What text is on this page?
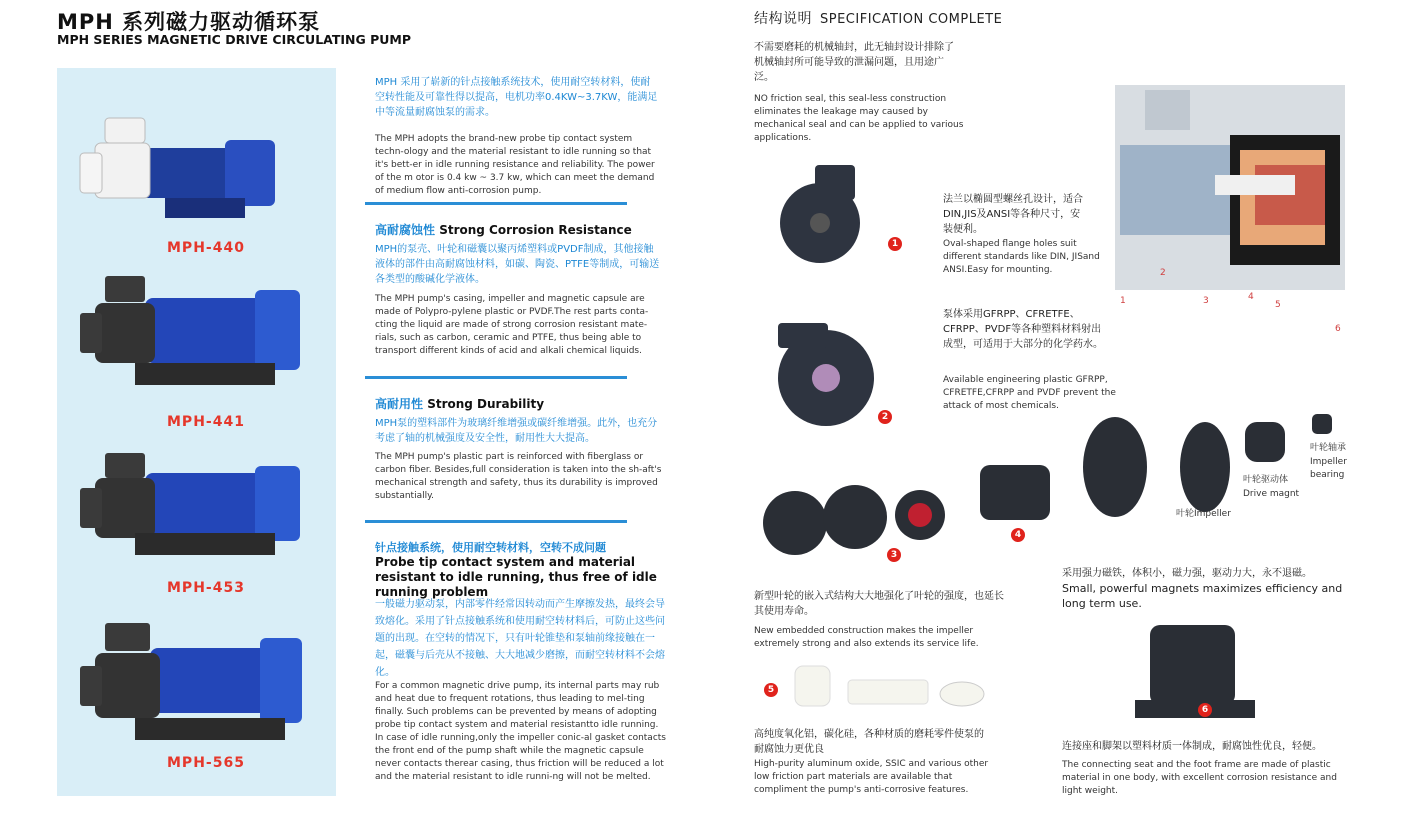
MPH 系列磁力驱动循环泵
MPH SERIES MAGNETIC DRIVE CIRCULATING PUMP
MPH-440
MPH-441
MPH-453
MPH-565
MPH 采用了崭新的针点接触系统技术，使用耐空转材料，使耐空转性能及可靠性得以提高，电机功率0.4KW~3.7KW，能满足中等流量耐腐蚀泵的需求。
The MPH adopts the brand-new probe tip contact system techn-ology and the material resistant to idle running so that it's bett-er in idle running resistance and reliability. The power of the m otor is 0.4 kw ~ 3.7 kw, which can meet the demand of medium flow anti-corrosion pump.
高耐腐蚀性 Strong Corrosion Resistance
MPH的泵壳、叶轮和磁囊以聚丙烯塑料或PVDF制成，其他接触液体的部件由高耐腐蚀材料，如碳、陶瓷、PTFE等制成，可输送各类型的酸碱化学液体。
The MPH pump's casing, impeller and magnetic capsule are made of Polypro-pylene plastic or PVDF.The rest parts conta-cting the liquid are made of strong corrosion resistant mate-rials, such as carbon, ceramic and PTFE, thus being able to transport different kinds of acid and alkali chemical liquids.
高耐用性 Strong Durability
MPH泵的塑料部件为玻璃纤维增强或碳纤维增强。此外，也充分考虑了轴的机械强度及安全性，耐用性大大提高。
The MPH pump's plastic part is reinforced with fiberglass or carbon fiber. Besides,full consideration is taken into the sh-aft's mechanical strength and safety, thus its durability is improved substantially.
针点接触系统，使用耐空转材料，空转不成问题
Probe tip contact system and material resistant to idle running, thus free of idle running problem
一般磁力驱动泵，内部零件经常因转动而产生摩擦发热，最终会导致熔化。采用了针点接触系统和使用耐空转材料后，可防止这些问题的出现。在空转的情况下，只有叶轮锥垫和泵轴前缘接触在一起，磁囊与后壳从不接触、大大地减少磨擦，而耐空转材料不会熔化。
For a common magnetic drive pump, its internal parts may rub and heat due to frequent rotations, thus leading to mel-ting finally. Such problems can be prevented by means of adopting probe tip contact system and material resistantto idle running. In case of idle running,only the impeller conic-al gasket contacts the front end of the pump shaft while the magnetic capsule never contacts therear casing, thus friction will be reduced a lot and the material resistant to idle runni-ng will not be melted.
结构说明 SPECIFICATION COMPLETE
不需要磨耗的机械轴封，此无轴封设计排除了机械轴封所可能导致的泄漏问题，且用途广泛。
NO friction seal, this seal-less construction eliminates the leakage may caused by mechanical seal and can be applied to various applications.
1
2
3	4
5
6
1
法兰以椭圆型螺丝孔设计，适合DIN,JIS及ANSI等各种尺寸，安装便利。
Oval-shaped flange holes suit different standards like DIN, JISand ANSI.Easy for mounting.
2
泵体采用GFRPP、CFRETFE、CFRPP、PVDF等各种塑料材料射出成型，可适用于大部分的化学药水。
Available engineering plastic GFRPP, CFRETFE,CFRPP and PVDF prevent the attack of most chemicals.
3
4
新型叶轮的嵌入式结构大大地强化了叶轮的强度，也延长其使用寿命。
New embedded construction makes the impeller extremely strong and also extends its service life.
5
高纯度氧化铝，碳化硅，各种材质的磨耗零件使泵的耐腐蚀力更优良
High-purity aluminum oxide, SSIC and various other low friction part materials are available that compliment the pump's anti-corrosive features.
叶轮Impeller
叶轮驱动体
Drive magnt
叶轮轴承
Impeller
bearing
采用强力磁铁，体积小，磁力强，驱动力大，永不退磁。
Small, powerful magnets maximizes efficiency and long term use.
6
连接座和脚架以塑料材质一体制成，耐腐蚀性优良，轻便。
The connecting seat and the foot frame are made of plastic material in one body, with excellent corrosion resistance and light weight.
